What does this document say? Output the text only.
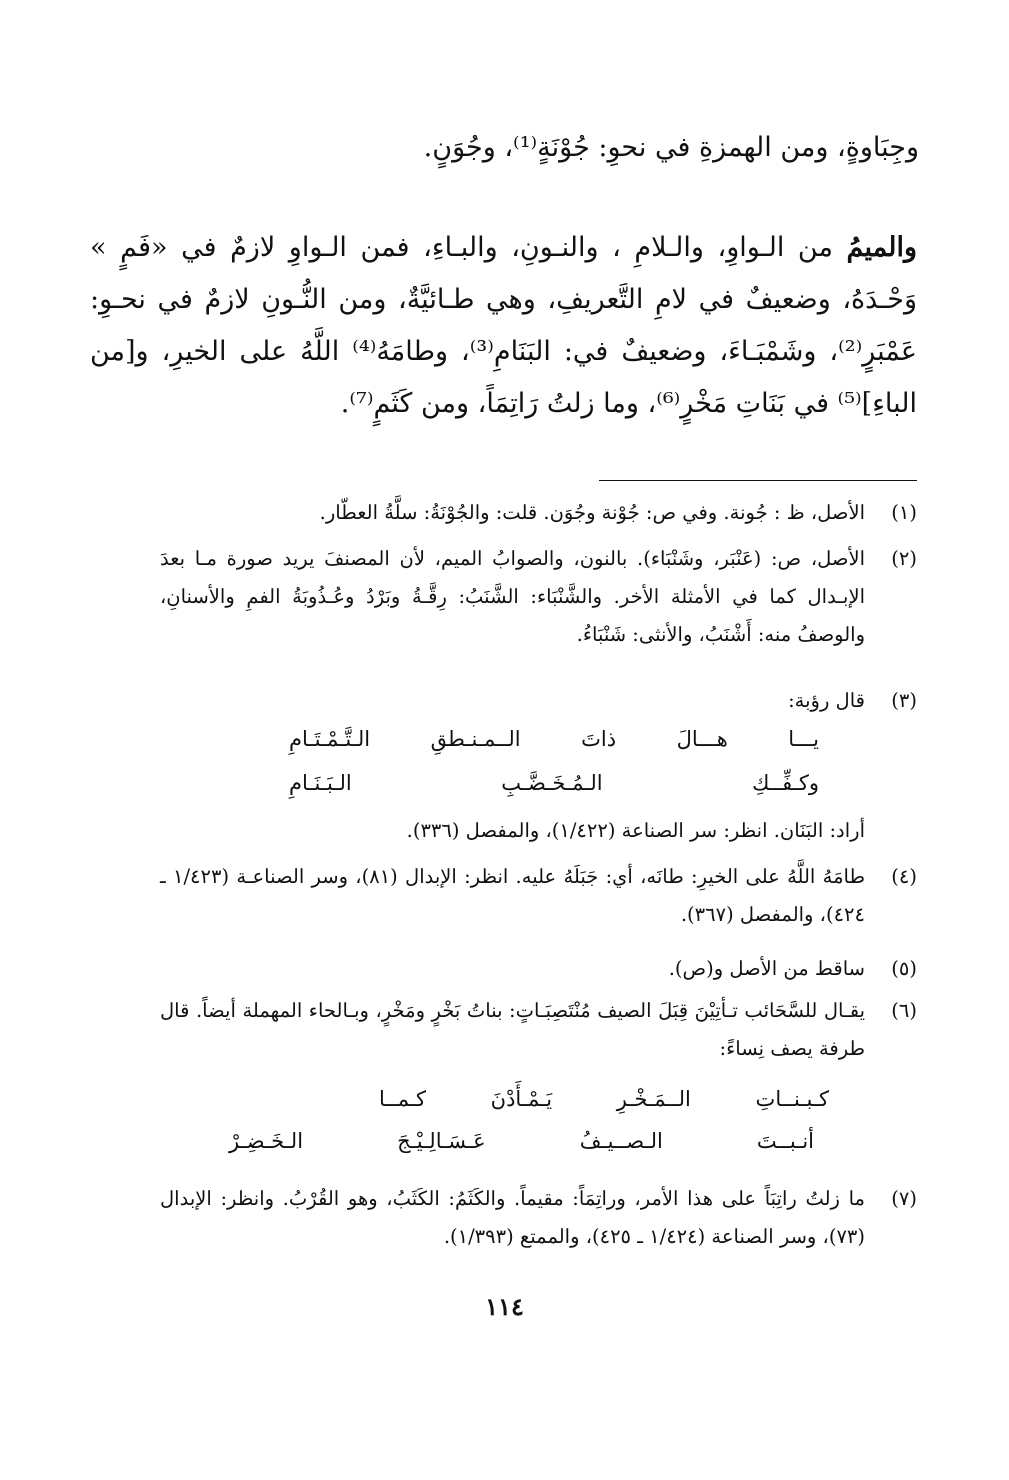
وجِبَاوةٍ، ومن الهمزةِ في نحوِ: جُوْنَةٍ⁽¹⁾، وجُوَنٍ.
والميمُ من الـواوِ، والـلامِ ، والنـونِ، والبـاءِ، فمن الـواوِ لازمٌ في «فَمٍ » وَحْـدَهُ، وضعيفٌ في لامِ التَّعريفِ، وهي طـائيَّةٌ، ومن النُّـونِ لازمٌ في نحـوِ: عَمْبَرٍ⁽²⁾، وشَمْبَـاءَ، وضعيفٌ في: البَنَامِ⁽³⁾، وطامَهُ⁽⁴⁾ اللَّهُ على الخيرِ، و[من الباءِ]⁽⁵⁾ في بَنَاتِ مَخْرٍ⁽⁶⁾، وما زلتُ رَاتِمَاً، ومن كَثَمٍ⁽⁷⁾.
(١)
الأصل، ظ : جُونة. وفي ص: جُوْنة وجُوَن. قلت: والجُوْنَةُ: سلَّةُ العطّار.
(٢)
الأصل، ص: (عَنْبَر، وشَنْبَاء). بالنون، والصوابُ الميم، لأن المصنفَ يريد صورة مـا بعدَ الإبـدال كما في الأمثلة الأخر. والشَّنْبَاء: الشَّنَبُ: رِقَّـةُ وبَرْدُ وعُـذُوبَةُ الفمِ والأسنانِ، والوصفُ منه: أَشْنَبُ، والأنثى: شَنْبَاءُ.
(٣)
قال رؤبة:
يـــا
هـــالَ
ذاتَ
الــمـنـطقِ
الـتَّـمْـتَـامِ
وكـفِّــكِ
الـمُـخَـضَّـبِ
الـبَـنَـامِ
أراد: البَنَان. انظر: سر الصناعة (١/٤٢٢)، والمفصل (٣٣٦).
(٤)
طامَهُ اللَّهُ على الخيرِ: طانَه، أي: جَبَلَهُ عليه. انظر: الإبدال (٨١)، وسر الصناعـة (١/٤٢٣ ـ ٤٢٤)، والمفصل (٣٦٧).
(٥)
ساقط من الأصل و(ص).
(٦)
يقـال للسَّحَائب تـأتِيْنَ قِبَلَ الصيف مُنْتَصِبَـاتٍ: بناتُ بَخْرٍ ومَخْرٍ، وبـالحاء المهملة أيضاً. قال طرفة يصف نِساءً:
كـبـنــاتِ
الــمَـخْـرِ
يَـمْـأَدْنَ
كـمــا
أنـبــتَ
الـصــيـفُ
عَـسَـالِـيْـجَ
الـخَـضِـرْ
(٧)
ما زلتُ راتِبَاً على هذا الأمر، وراتِمَاً: مقيماً. والكَثَمُ: الكَثَبُ، وهو القُرْبُ. وانظر: الإبدال (٧٣)، وسر الصناعة (١/٤٢٤ ـ ٤٢٥)، والممتع (١/٣٩٣).
١١٤
